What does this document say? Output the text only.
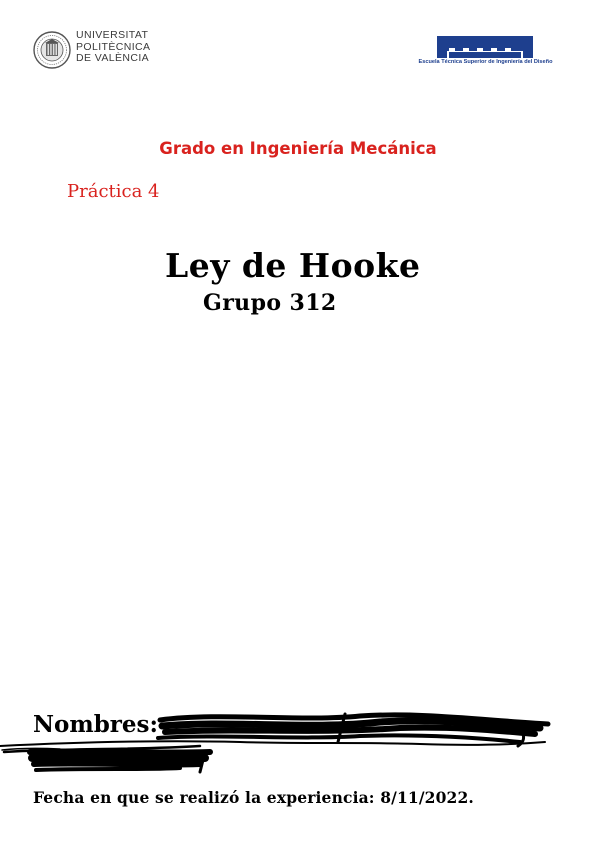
UNIVERSITAT
POLITÈCNICA
DE VALÈNCIA	Escuela Técnica Superior de Ingeniería del Diseño
Grado en Ingeniería Mecánica
Práctica 4
Ley de Hooke
Grupo 312
Nombres:
Fecha en que se realizó la experiencia: 8/11/2022.
